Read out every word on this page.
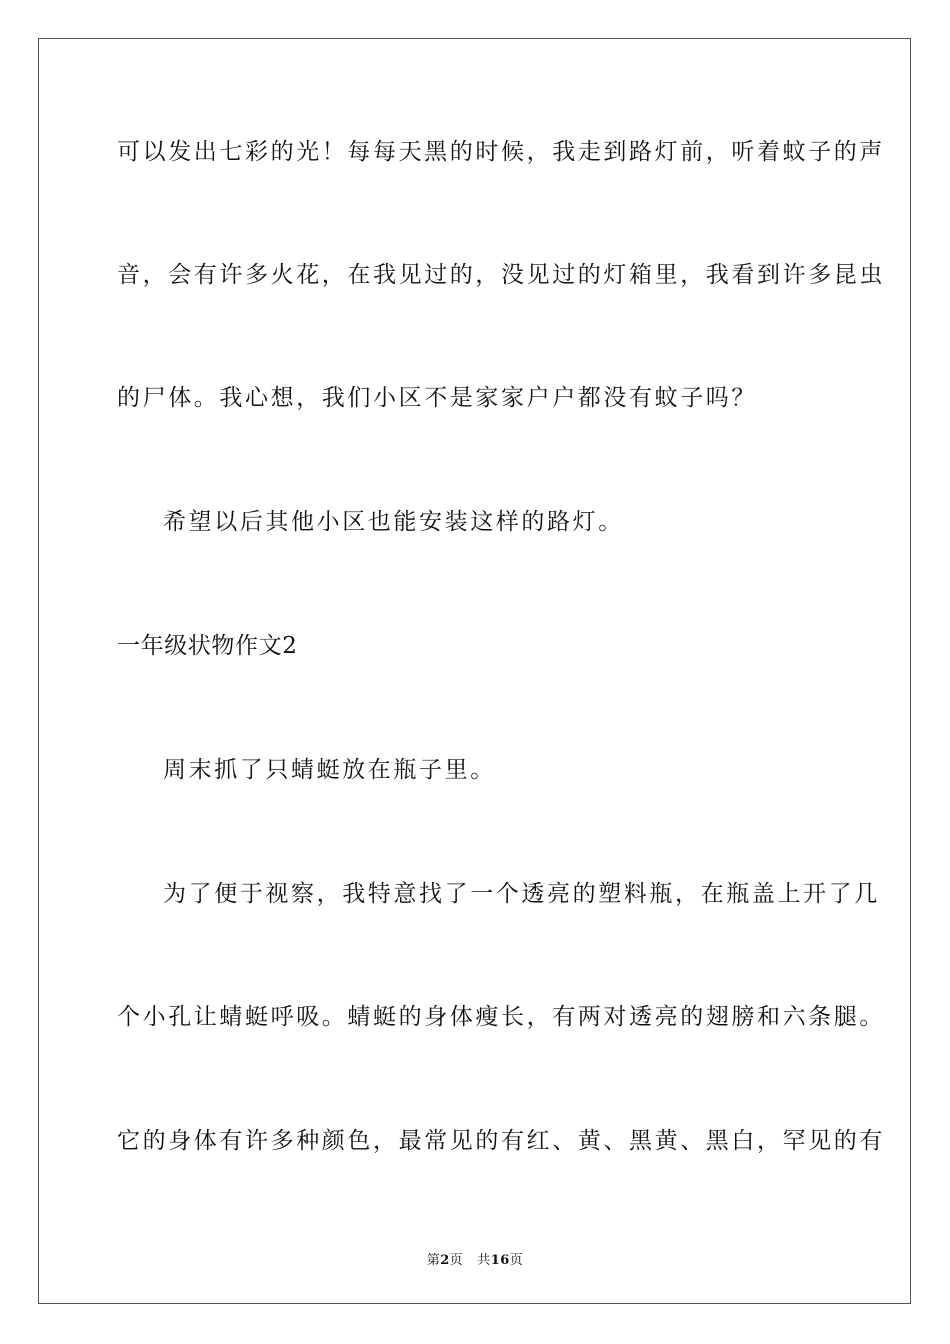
可以发出七彩的光！每每天黑的时候，我走到路灯前，听着蚊子的声
音，会有许多火花，在我见过的，没见过的灯箱里，我看到许多昆虫
的尸体。我心想，我们小区不是家家户户都没有蚊子吗？
希望以后其他小区也能安装这样的路灯。
一年级状物作文2
周末抓了只蜻蜓放在瓶子里。
为了便于视察，我特意找了一个透亮的塑料瓶，在瓶盖上开了几
个小孔让蜻蜓呼吸。蜻蜓的身体瘦长，有两对透亮的翅膀和六条腿。
它的身体有许多种颜色，最常见的有红、黄、黑黄、黑白，罕见的有
第2页 共16页
